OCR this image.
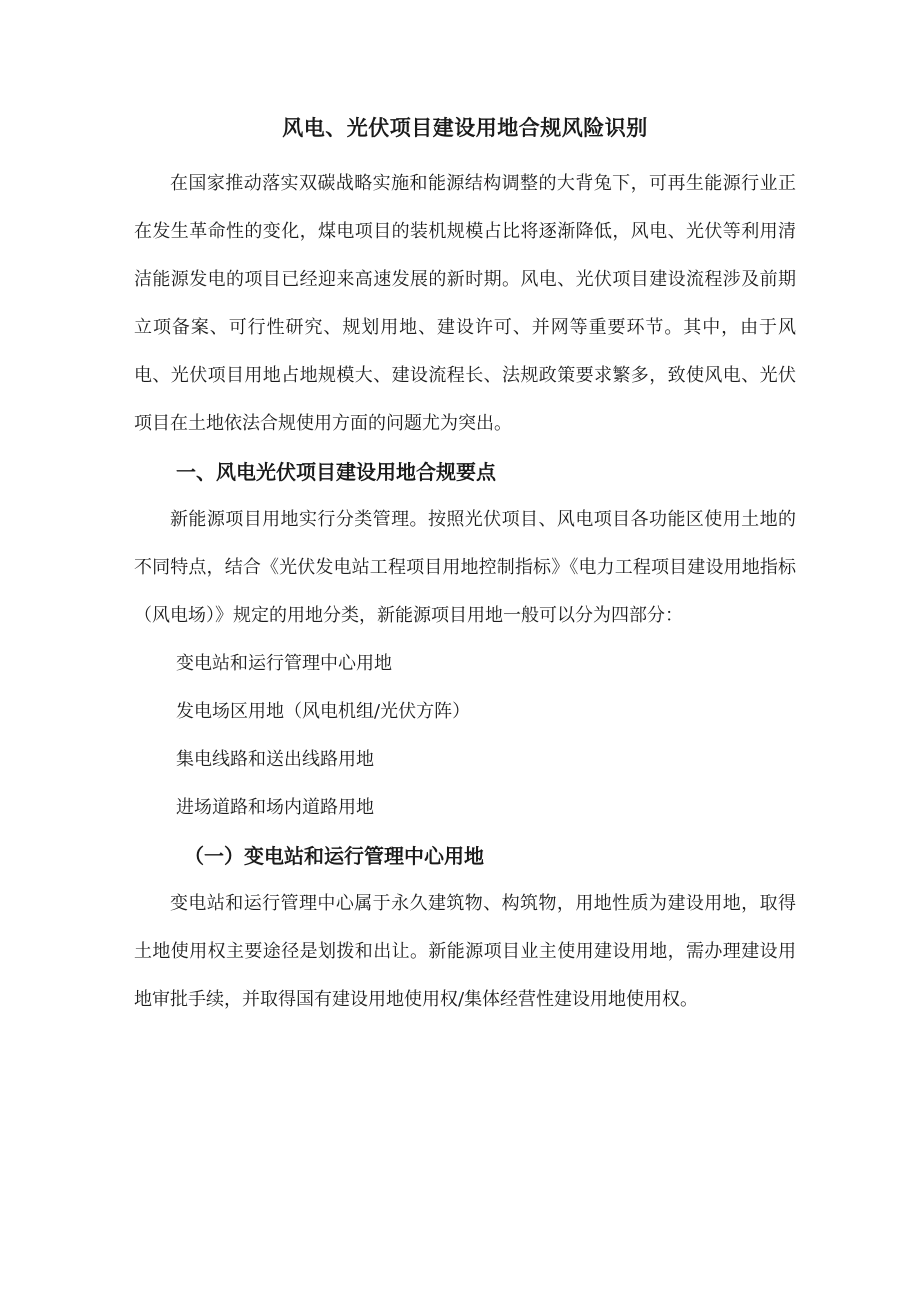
风电、光伏项目建设用地合规风险识别

在国家推动落实双碳战略实施和能源结构调整的大背兔下，可再生能源行业正在发生革命性的变化，煤电项目的装机规模占比将逐渐降低，风电、光伏等利用清洁能源发电的项目已经迎来高速发展的新时期。风电、光伏项目建设流程涉及前期立项备案、可行性研究、规划用地、建设许可、并网等重要环节。其中，由于风电、光伏项目用地占地规模大、建设流程长、法规政策要求繁多，致使风电、光伏项目在土地依法合规使用方面的问题尤为突出。

一、风电光伏项目建设用地合规要点

新能源项目用地实行分类管理。按照光伏项目、风电项目各功能区使用土地的不同特点，结合《光伏发电站工程项目用地控制指标》《电力工程项目建设用地指标（风电场）》规定的用地分类，新能源项目用地一般可以分为四部分：

变电站和运行管理中心用地

发电场区用地（风电机组/光伏方阵）

集电线路和送出线路用地

进场道路和场内道路用地

（一）变电站和运行管理中心用地

变电站和运行管理中心属于永久建筑物、构筑物，用地性质为建设用地，取得土地使用权主要途径是划拨和出让。新能源项目业主使用建设用地，需办理建设用地审批手续，并取得国有建设用地使用权/集体经营性建设用地使用权。
